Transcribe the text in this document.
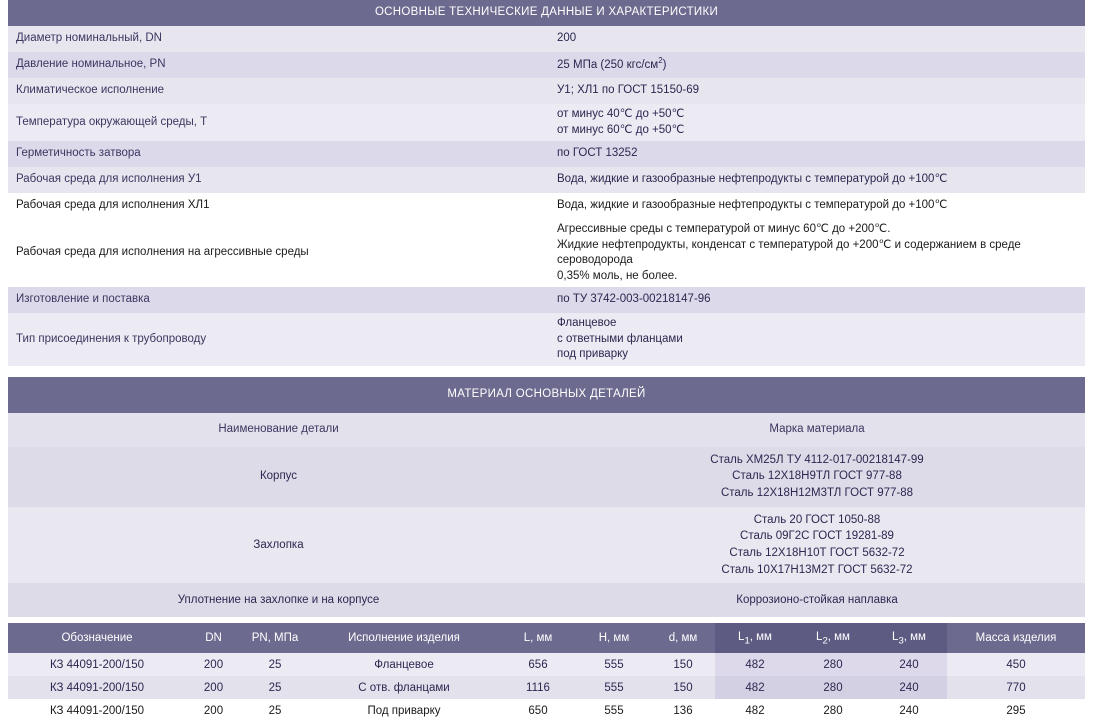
ОСНОВНЫЕ ТЕХНИЧЕСКИЕ ДАННЫЕ И ХАРАКТЕРИСТИКИ	
Диаметр номинальный, DN	200
Давление номинальное, PN	25 МПа (250 кгс/$см^2$)
Климатическое исполнение	У1; ХЛ1 по ГОСТ 15150-69
Температура окружающей среды, Т	от минус 40℃ до +50℃
от минус 60℃ до +50℃

Герметичность затвора	по ГОСТ 13252
Рабочая среда для исполнения У1	Вода, жидкие и газообразные нефтепродукты с температурой до +100℃
Рабочая среда для исполнения ХЛ1	Вода, жидкие и газообразные нефтепродукты с температурой до +100℃
Рабочая среда для исполнения на агрессивные среды	Агрессивные среды с температурой от минус 60℃ до +200℃.
Жидкие нефтепродукты, конденсат с температурой до +200℃ и содержанием в среде сероводорода
0,35% моль, не более.

Изготовление и поставка	по ТУ 3742-003-00218147-96
Тип присоединения к трубопроводу	Фланцевое
с ответными фланцами
под приварку
МАТЕРИАЛ ОСНОВНЫХ ДЕТАЛЕЙ	
Наименование детали	Марка материала
Корпус	Сталь ХМ25Л ТУ 4112-017-00218147-99
Сталь 12Х18Н9ТЛ ГОСТ 977-88
Сталь 12Х18Н12М3ТЛ ГОСТ 977-88

Захлопка	Сталь 20 ГОСТ 1050-88
Сталь 09Г2С ГОСТ 19281-89
Сталь 12Х18Н10Т ГОСТ 5632-72
Сталь 10Х17Н13М2Т ГОСТ 5632-72

Уплотнение на захлопке и на корпусе	Коррозионо-стойкая наплавка
Обозначение	DN	PN, МПа	Исполнение изделия	L, мм	H, мм	d, мм	$L_1$, мм	$L_2$, мм	$L_3$, мм	Масса изделия
КЗ 44091-200/150	200	25	Фланцевое	656	555	150	482	280	240	450
КЗ 44091-200/150	200	25	С отв. фланцами	1116	555	150	482	280	240	770
КЗ 44091-200/150	200	25	Под приварку	650	555	136	482	280	240	295
